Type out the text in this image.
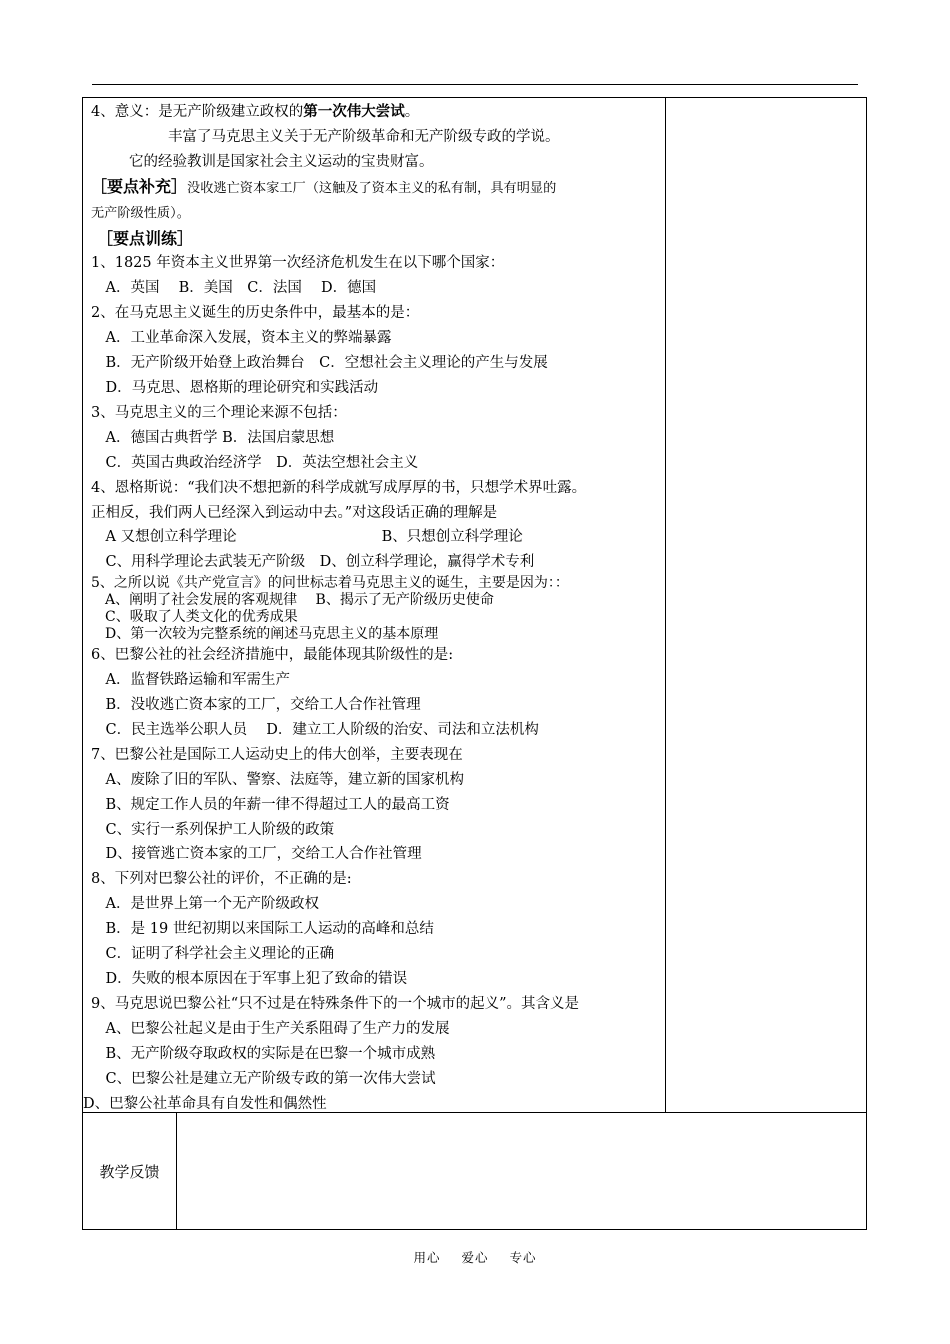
4、意义：是无产阶级建立政权的第一次伟大尝试。
丰富了马克思主义关于无产阶级革命和无产阶级专政的学说。
它的经验教训是国家社会主义运动的宝贵财富。
［要点补充］没收逃亡资本家工厂（这触及了资本主义的私有制，具有明显的
无产阶级性质）。
［要点训练］
1、1825 年资本主义世界第一次经济危机发生在以下哪个国家：
　A．英国　 B．美国　C．法国　 D．德国
2、在马克思主义诞生的历史条件中，最基本的是：
　A．工业革命深入发展，资本主义的弊端暴露
　B．无产阶级开始登上政治舞台　C．空想社会主义理论的产生与发展
　D．马克思、恩格斯的理论研究和实践活动
3、马克思主义的三个理论来源不包括：
　A．德国古典哲学 B．法国启蒙思想
　C．英国古典政治经济学　D．英法空想社会主义
4、恩格斯说：“我们决不想把新的科学成就写成厚厚的书，只想学术界吐露。
正相反，我们两人已经深入到运动中去。”对这段话正确的理解是
　A 又想创立科学理论　　　　　　　　　　B、只想创立科学理论
　C、用科学理论去武装无产阶级　D、创立科学理论，赢得学术专利
5、之所以说《共产党宣言》的问世标志着马克思主义的诞生，主要是因为：：
　A、阐明了社会发展的客观规律　 B、揭示了无产阶级历史使命
　C、吸取了人类文化的优秀成果
　D、第一次较为完整系统的阐述马克思主义的基本原理
6、巴黎公社的社会经济措施中，最能体现其阶级性的是:
　A．监督铁路运输和军需生产
　B．没收逃亡资本家的工厂，交给工人合作社管理
　C．民主选举公职人员　 D．建立工人阶级的治安、司法和立法机构
7、巴黎公社是国际工人运动史上的伟大创举，主要表现在
　A、废除了旧的军队、警察、法庭等，建立新的国家机构
　B、规定工作人员的年薪一律不得超过工人的最高工资
　C、实行一系列保护工人阶级的政策
　D、接管逃亡资本家的工厂，交给工人合作社管理
8、下列对巴黎公社的评价，不正确的是:
　A．是世界上第一个无产阶级政权
　B．是 19 世纪初期以来国际工人运动的高峰和总结
　C．证明了科学社会主义理论的正确
　D．失败的根本原因在于军事上犯了致命的错误
9、马克思说巴黎公社“只不过是在特殊条件下的一个城市的起义”。其含义是
　A、巴黎公社起义是由于生产关系阻碍了生产力的发展
　B、无产阶级夺取政权的实际是在巴黎一个城市成熟
　C、巴黎公社是建立无产阶级专政的第一次伟大尝试
D、巴黎公社革命具有自发性和偶然性
教学反馈
用心 爱心 专心
